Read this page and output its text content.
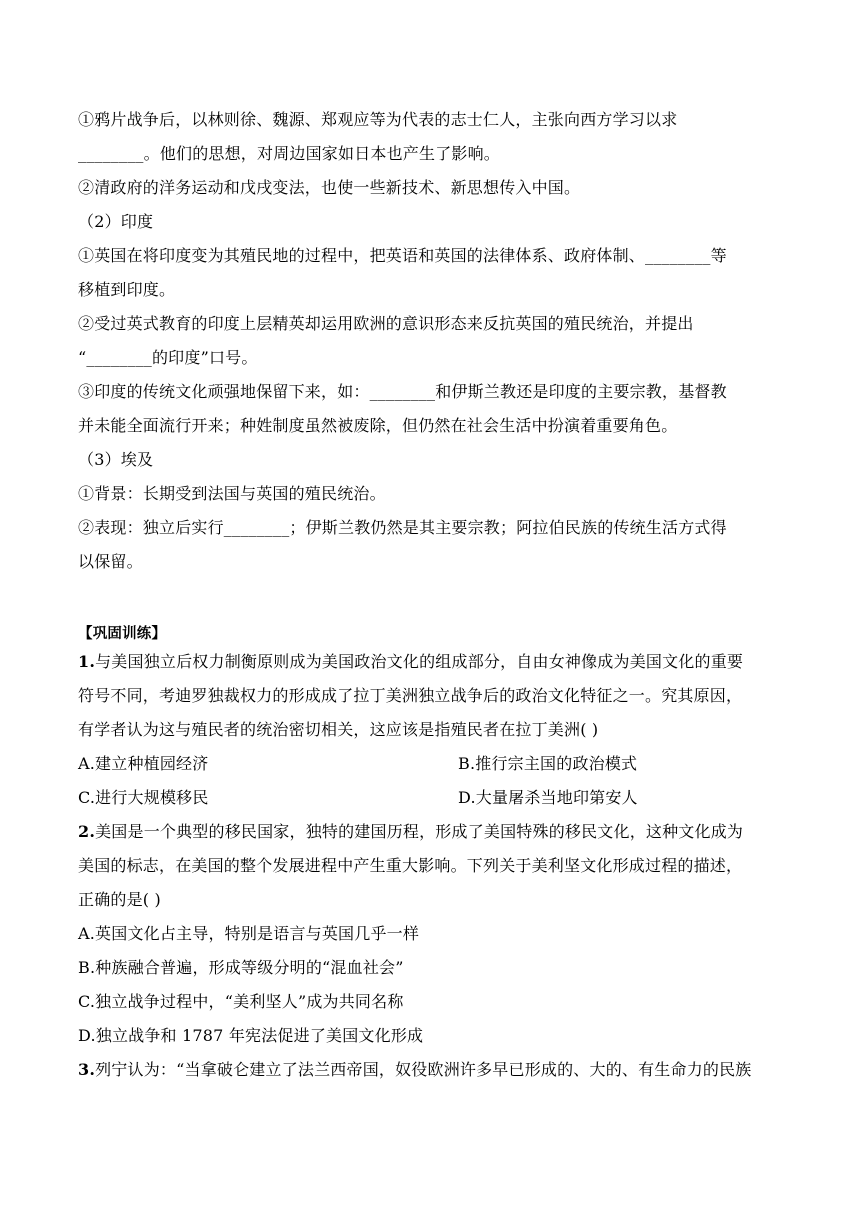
①鸦片战争后，以林则徐、魏源、郑观应等为代表的志士仁人，主张向西方学习以求
________。他们的思想，对周边国家如日本也产生了影响。
②清政府的洋务运动和戊戌变法，也使一些新技术、新思想传入中国。
（2）印度
①英国在将印度变为其殖民地的过程中，把英语和英国的法律体系、政府体制、________等
移植到印度。
②受过英式教育的印度上层精英却运用欧洲的意识形态来反抗英国的殖民统治，并提出
“________的印度”口号。
③印度的传统文化顽强地保留下来，如：________和伊斯兰教还是印度的主要宗教，基督教
并未能全面流行开来；种姓制度虽然被废除，但仍然在社会生活中扮演着重要角色。
（3）埃及
①背景：长期受到法国与英国的殖民统治。
②表现：独立后实行________；伊斯兰教仍然是其主要宗教；阿拉伯民族的传统生活方式得
以保留。
【巩固训练】
1.与美国独立后权力制衡原则成为美国政治文化的组成部分，自由女神像成为美国文化的重要
符号不同，考迪罗独裁权力的形成成了拉丁美洲独立战争后的政治文化特征之一。究其原因，
有学者认为这与殖民者的统治密切相关，这应该是指殖民者在拉丁美洲( )
A.建立种植园经济	B.推行宗主国的政治模式
C.进行大规模移民	D.大量屠杀当地印第安人
2.美国是一个典型的移民国家，独特的建国历程，形成了美国特殊的移民文化，这种文化成为
美国的标志，在美国的整个发展进程中产生重大影响。下列关于美利坚文化形成过程的描述，
正确的是( )
A.英国文化占主导，特别是语言与英国几乎一样
B.种族融合普遍，形成等级分明的“混血社会”
C.独立战争过程中，“美利坚人”成为共同名称
D.独立战争和 1787 年宪法促进了美国文化形成
3.列宁认为：“当拿破仑建立了法兰西帝国，奴役欧洲许多早已形成的、大的、有生命力的民族
